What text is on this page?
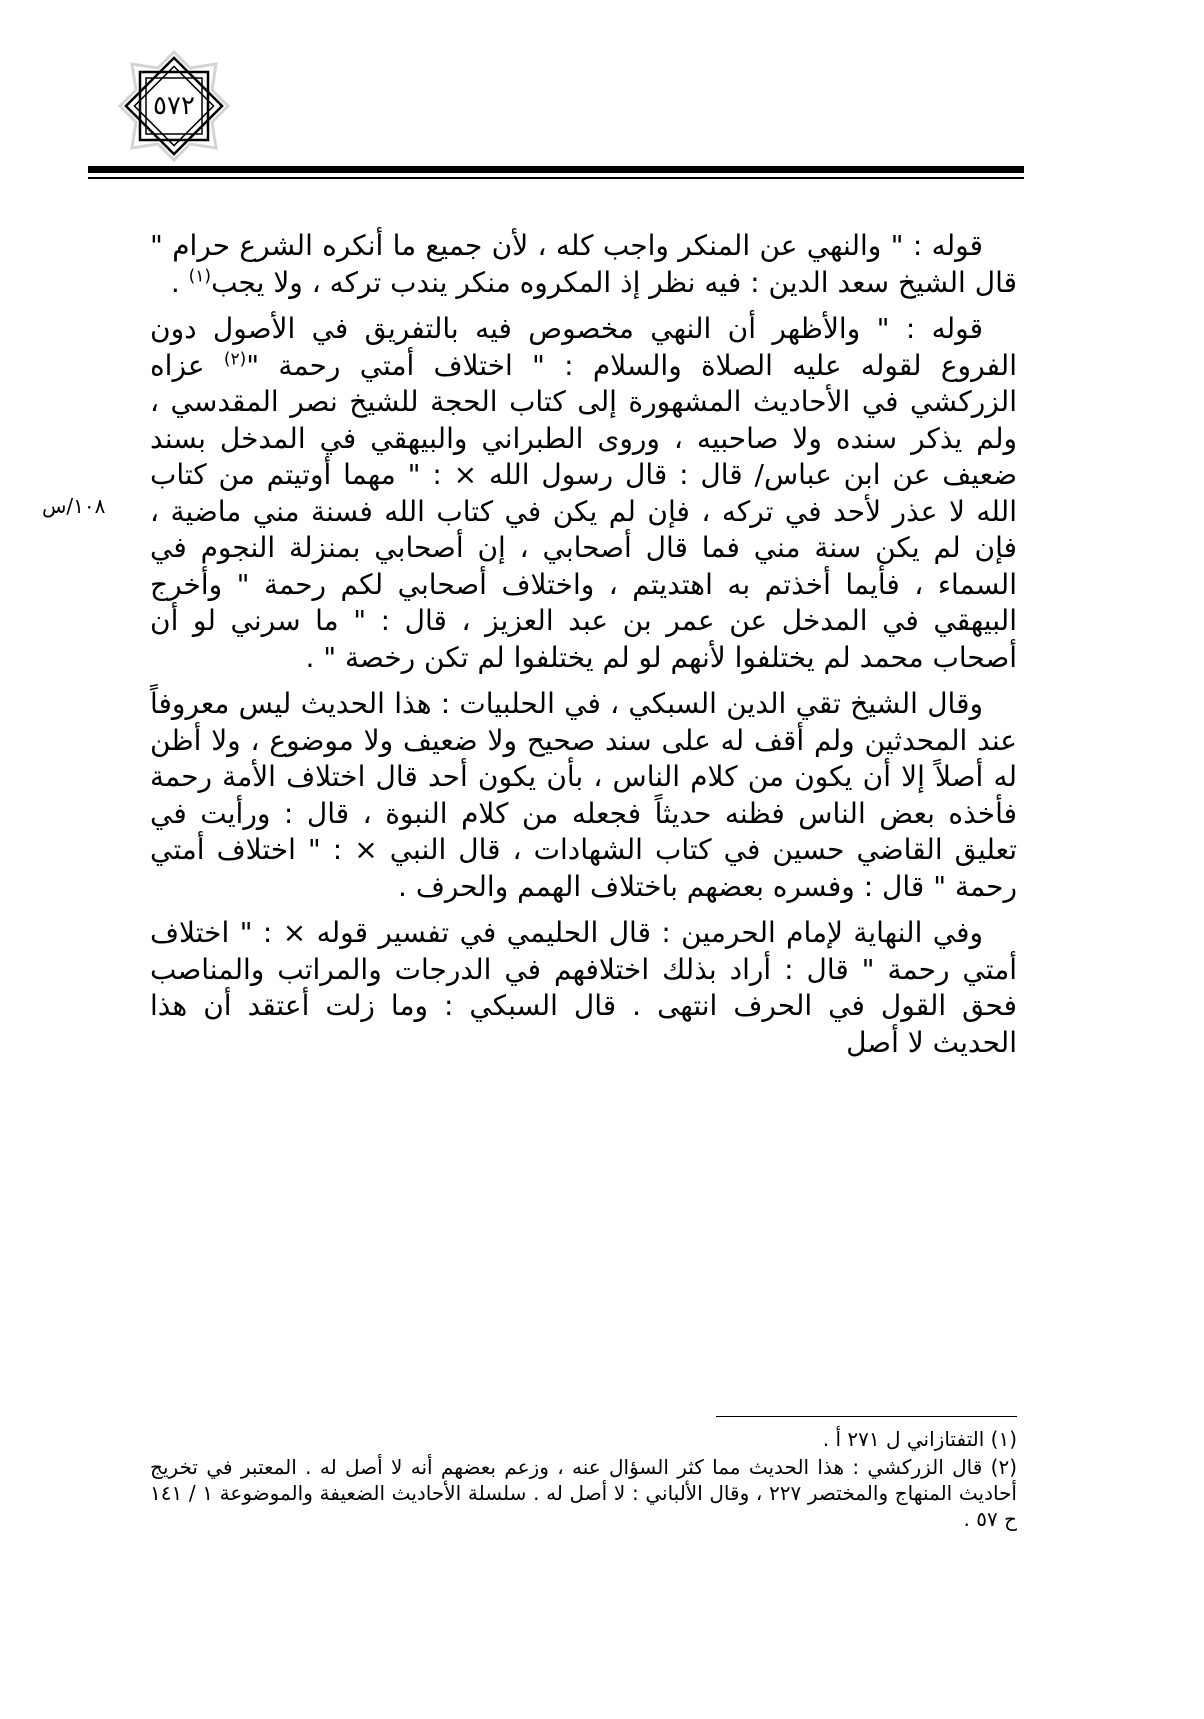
٥٧٢
١٠٨/س

قوله : " والنهي عن المنكر واجب كله ، لأن جميع ما أنكره الشرع حرام " قال الشيخ سعد الدين : فيه نظر إذ المكروه منكر يندب تركه ، ولا يجب$^{(١)}$ .

قوله : " والأظهر أن النهي مخصوص فيه بالتفريق في الأصول دون الفروع لقوله عليه الصلاة والسلام : " اختلاف أمتي رحمة "$^{(٢)}$ عزاه الزركشي في الأحاديث المشهورة إلى كتاب الحجة للشيخ نصر المقدسي ، ولم يذكر سنده ولا صاحبيه ، وروى الطبراني والبيهقي في المدخل بسند ضعيف عن ابن عباس/ قال : قال رسول الله × : " مهما أوتيتم من كتاب الله لا عذر لأحد في تركه ، فإن لم يكن في كتاب الله فسنة مني ماضية ، فإن لم يكن سنة مني فما قال أصحابي ، إن أصحابي بمنزلة النجوم في السماء ، فأيما أخذتم به اهتديتم ، واختلاف أصحابي لكم رحمة " وأخرج البيهقي في المدخل عن عمر بن عبد العزيز ، قال : " ما سرني لو أن أصحاب محمد لم يختلفوا لأنهم لو لم يختلفوا لم تكن رخصة " .

وقال الشيخ تقي الدين السبكي ، في الحلبيات : هذا الحديث ليس معروفاً عند المحدثين ولم أقف له على سند صحيح ولا ضعيف ولا موضوع ، ولا أظن له أصلاً إلا أن يكون من كلام الناس ، بأن يكون أحد قال اختلاف الأمة رحمة فأخذه بعض الناس فظنه حديثاً فجعله من كلام النبوة ، قال : ورأيت في تعليق القاضي حسين في كتاب الشهادات ، قال النبي × : " اختلاف أمتي رحمة " قال : وفسره بعضهم باختلاف الهمم والحرف .

وفي النهاية لإمام الحرمين : قال الحليمي في تفسير قوله × : " اختلاف أمتي رحمة " قال : أراد بذلك اختلافهم في الدرجات والمراتب والمناصب فحق القول في الحرف انتهى . قال السبكي : وما زلت أعتقد أن هذا الحديث لا أصل

(١) التفتازاني ل ٢٧١ أ .

(٢) قال الزركشي : هذا الحديث مما كثر السؤال عنه ، وزعم بعضهم أنه لا أصل له . المعتبر في تخريج أحاديث المنهاج والمختصر ٢٢٧ ، وقال الألباني : لا أصل له . سلسلة الأحاديث الضعيفة والموضوعة ١ / ١٤١ ح ٥٧ .
